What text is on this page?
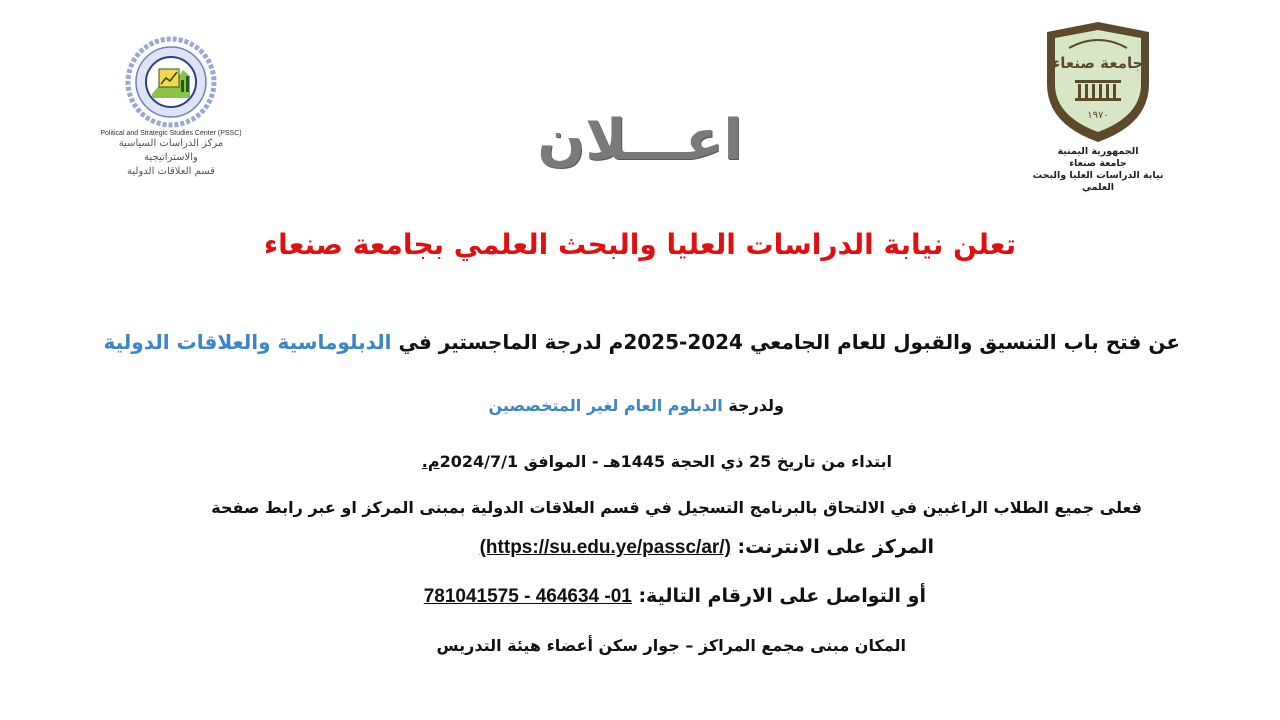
Political and Strategic Studies Center (PSSC)
مركز الدراسات السياسية والاستراتيجية
قسم العلاقات الدولية
جامعة صنعاء
١٩٧٠
الجمهورية اليمنية
جامعة صنعاء
نيابة الدراسات العليا والبحث العلمي
اعـــلان
تعلن نيابة الدراسات العليا والبحث العلمي بجامعة صنعاء
عن فتح باب التنسيق والقبول للعام الجامعي 2024-2025م لدرجة الماجستير في الدبلوماسية والعلاقات الدولية
ولدرجة الدبلوم العام لغير المتخصصين
ابتداء من تاريخ 25 ذي الحجة 1445هـ - الموافق 2024/7/1م.
فعلى جميع الطلاب الراغبين في الالتحاق بالبرنامج التسجيل في قسم العلاقات الدولية بمبنى المركز او عبر رابط صفحة
المركز على الانترنت: (https://su.edu.ye/passc/ar/)
أو التواصل على الارقام التالية: 781041575 - 464634 -01
المكان مبنى مجمع المراكز – جوار سكن أعضاء هيئة التدريس
